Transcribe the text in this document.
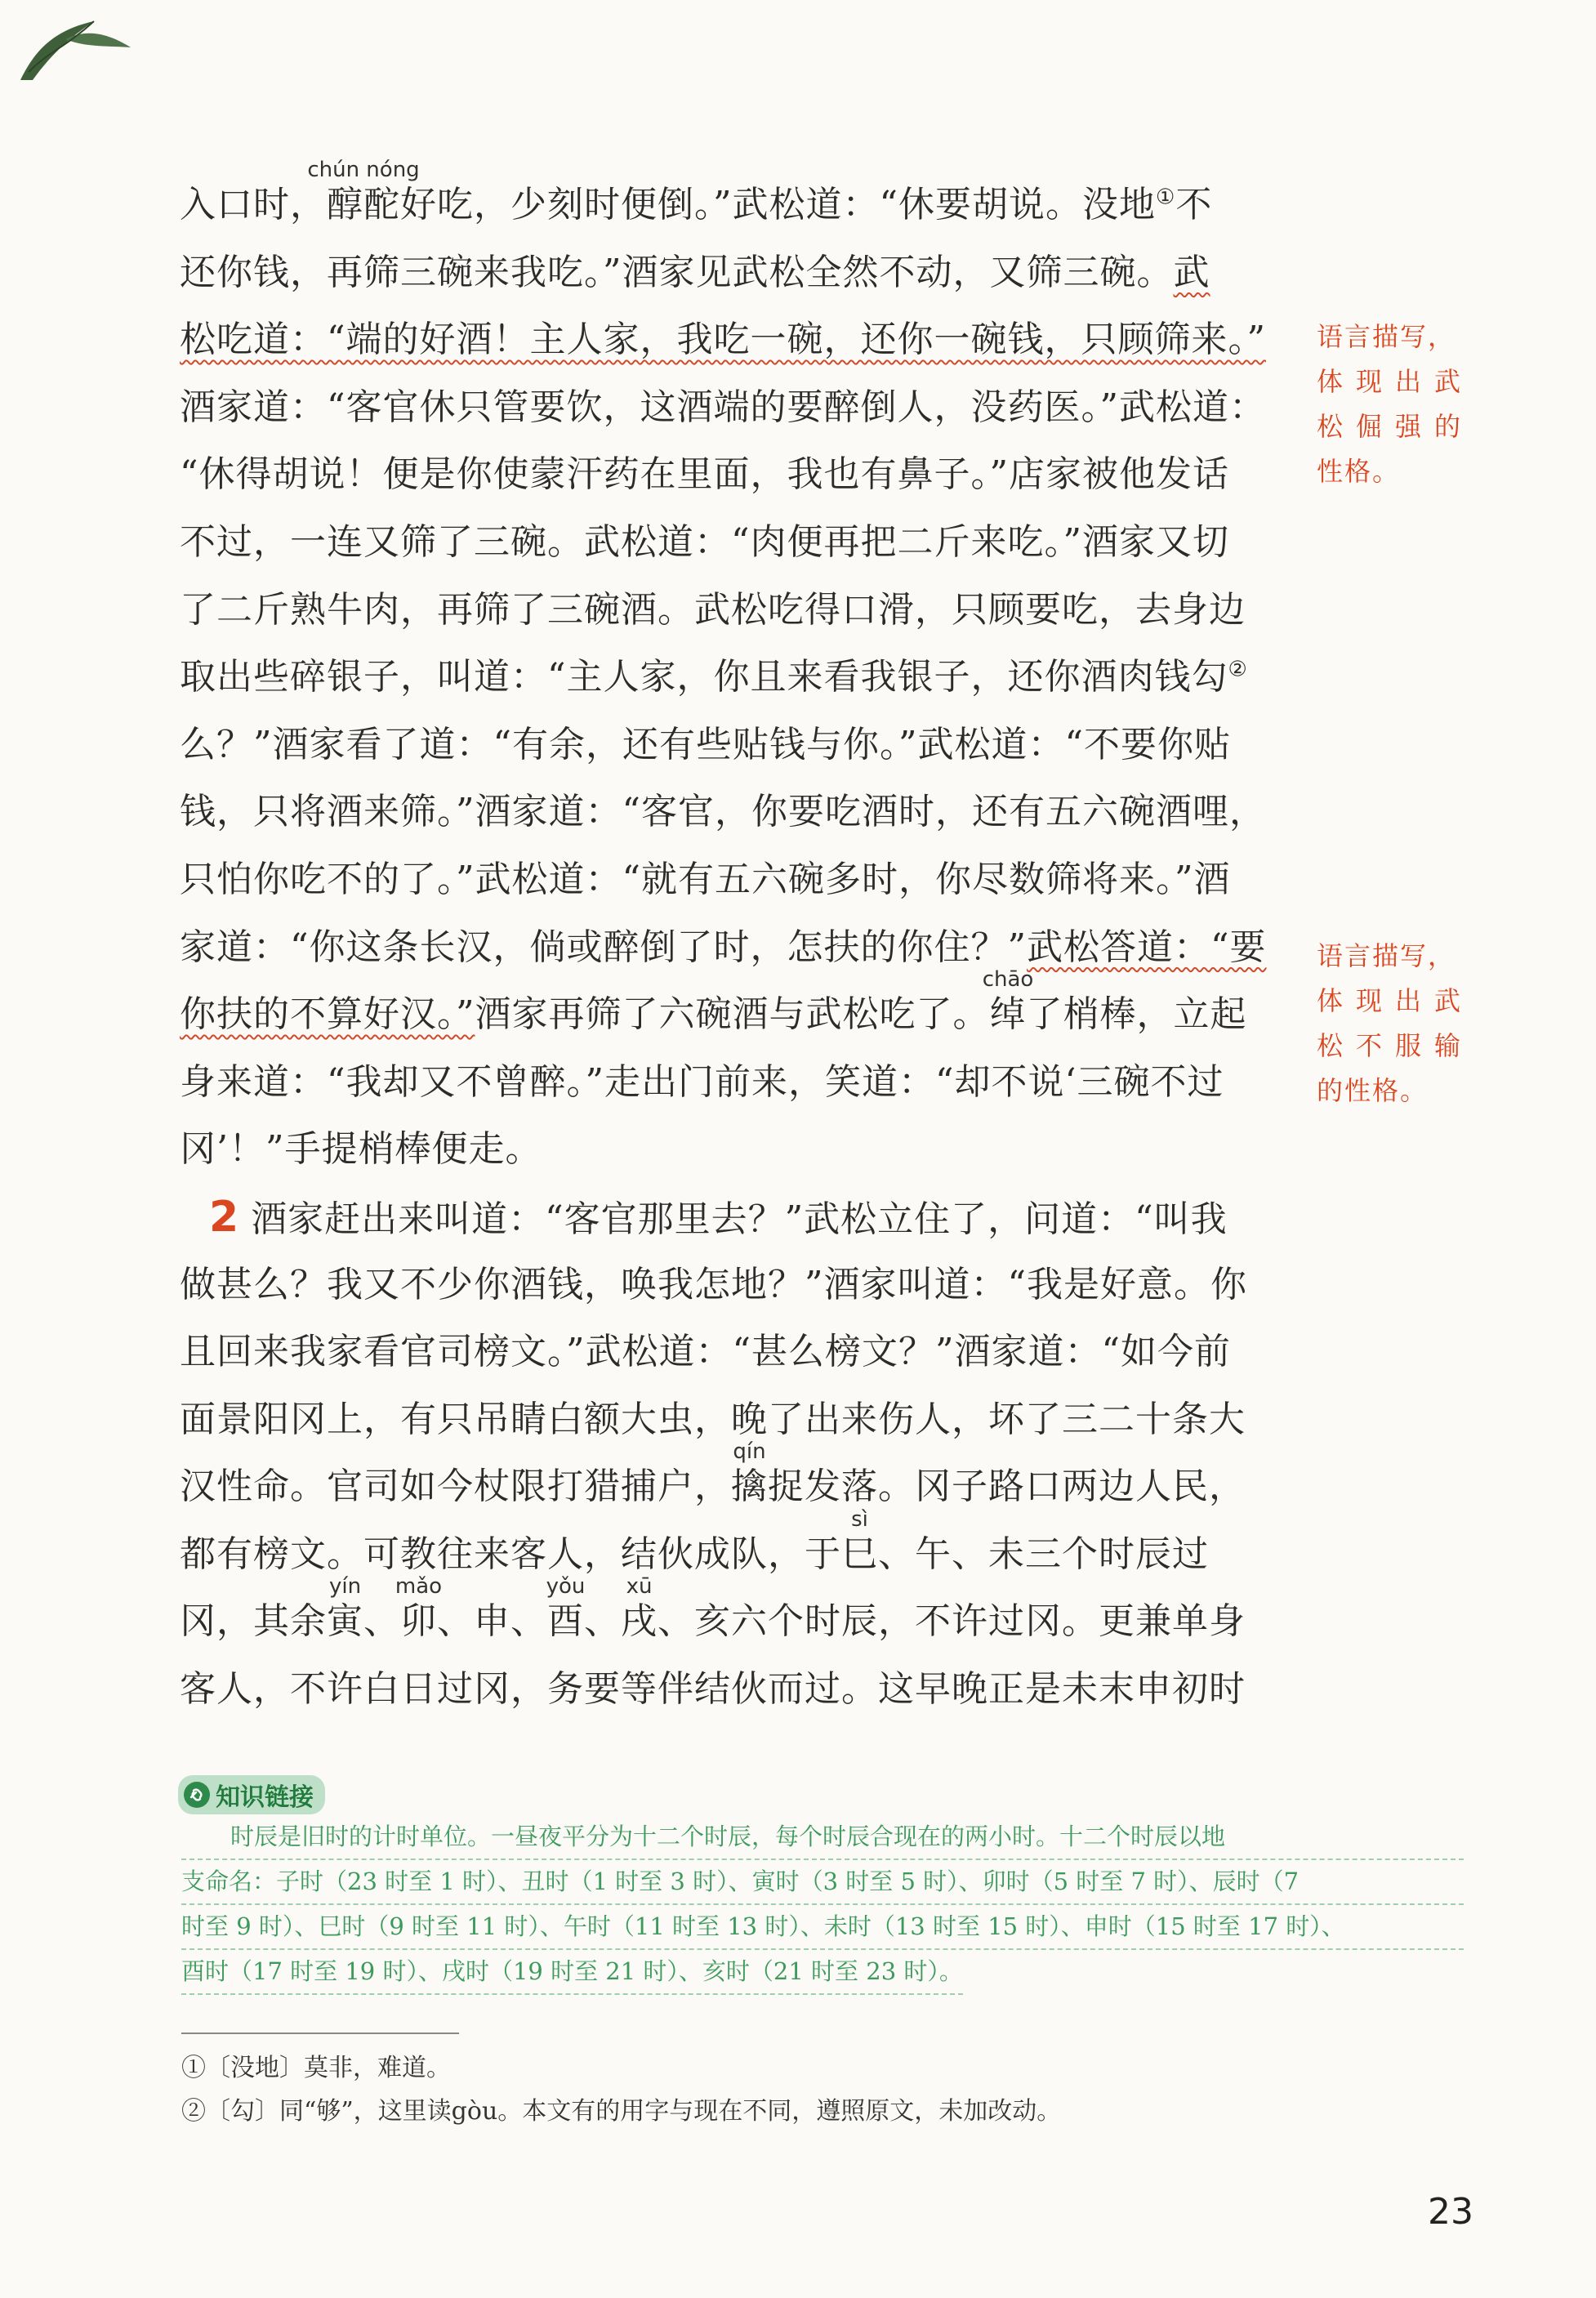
入口时，
chún nóng
醇酡好吃，少刻时便倒。”武松道：“休要胡说。没地①不
还你钱，再筛三碗来我吃。”酒家见武松全然不动，又筛三碗。武
松吃道：“端的好酒！主人家，我吃一碗，还你一碗钱，只顾筛来。”
酒家道：“客官休只管要饮，这酒端的要醉倒人，没药医。”武松道：
“休得胡说！便是你使蒙汗药在里面，我也有鼻子。”店家被他发话
不过，一连又筛了三碗。武松道：“肉便再把二斤来吃。”酒家又切
了二斤熟牛肉，再筛了三碗酒。武松吃得口滑，只顾要吃，去身边
取出些碎银子，叫道：“主人家，你且来看我银子，还你酒肉钱勾②
么？”酒家看了道：“有余，还有些贴钱与你。”武松道：“不要你贴
钱，只将酒来筛。”酒家道：“客官，你要吃酒时，还有五六碗酒哩，
只怕你吃不的了。”武松道：“就有五六碗多时，你尽数筛将来。”酒
家道：“你这条长汉，倘或醉倒了时，怎扶的你住？”武松答道：“要
你扶的不算好汉。”酒家再筛了六碗酒与武松吃了。
chāo
绰了梢棒，立起
身来道：“我却又不曾醉。”走出门前来，笑道：“却不说‘三碗不过
冈’！”手提梢棒便走。
2 酒家赶出来叫道：“客官那里去？”武松立住了，问道：“叫我
做甚么？我又不少你酒钱，唤我怎地？”酒家叫道：“我是好意。你
且回来我家看官司榜文。”武松道：“甚么榜文？”酒家道：“如今前
面景阳冈上，有只吊睛白额大虫，晚了出来伤人，坏了三二十条大
汉性命。官司如今杖限打猎捕户，
qín
擒捉发落。冈子路口两边人民，
都有榜文。可教往来客人，结伙成队，于
sì
巳、午、未三个时辰过
冈，其余
yín
寅、
mǎo
卯、申、
yǒu
酉、
xū
戌、亥六个时辰，不许过冈。更兼单身
客人，不许白日过冈，务要等伴结伙而过。这早晚正是未末申初时
语言描写，
体现出武
松倔强的
性格。
语言描写，
体现出武
松不服输
的性格。
知识链接
时辰是旧时的计时单位。一昼夜平分为十二个时辰，每个时辰合现在的两小时。十二个时辰以地
支命名：子时（23 时至 1 时）、丑时（1 时至 3 时）、寅时（3 时至 5 时）、卯时（5 时至 7 时）、辰时（7
时至 9 时）、巳时（9 时至 11 时）、午时（11 时至 13 时）、未时（13 时至 15 时）、申时（15 时至 17 时）、
酉时（17 时至 19 时）、戌时（19 时至 21 时）、亥时（21 时至 23 时）。
①〔没地〕莫非，难道。
②〔勾〕同“够”，这里读gòu。本文有的用字与现在不同，遵照原文，未加改动。
23
